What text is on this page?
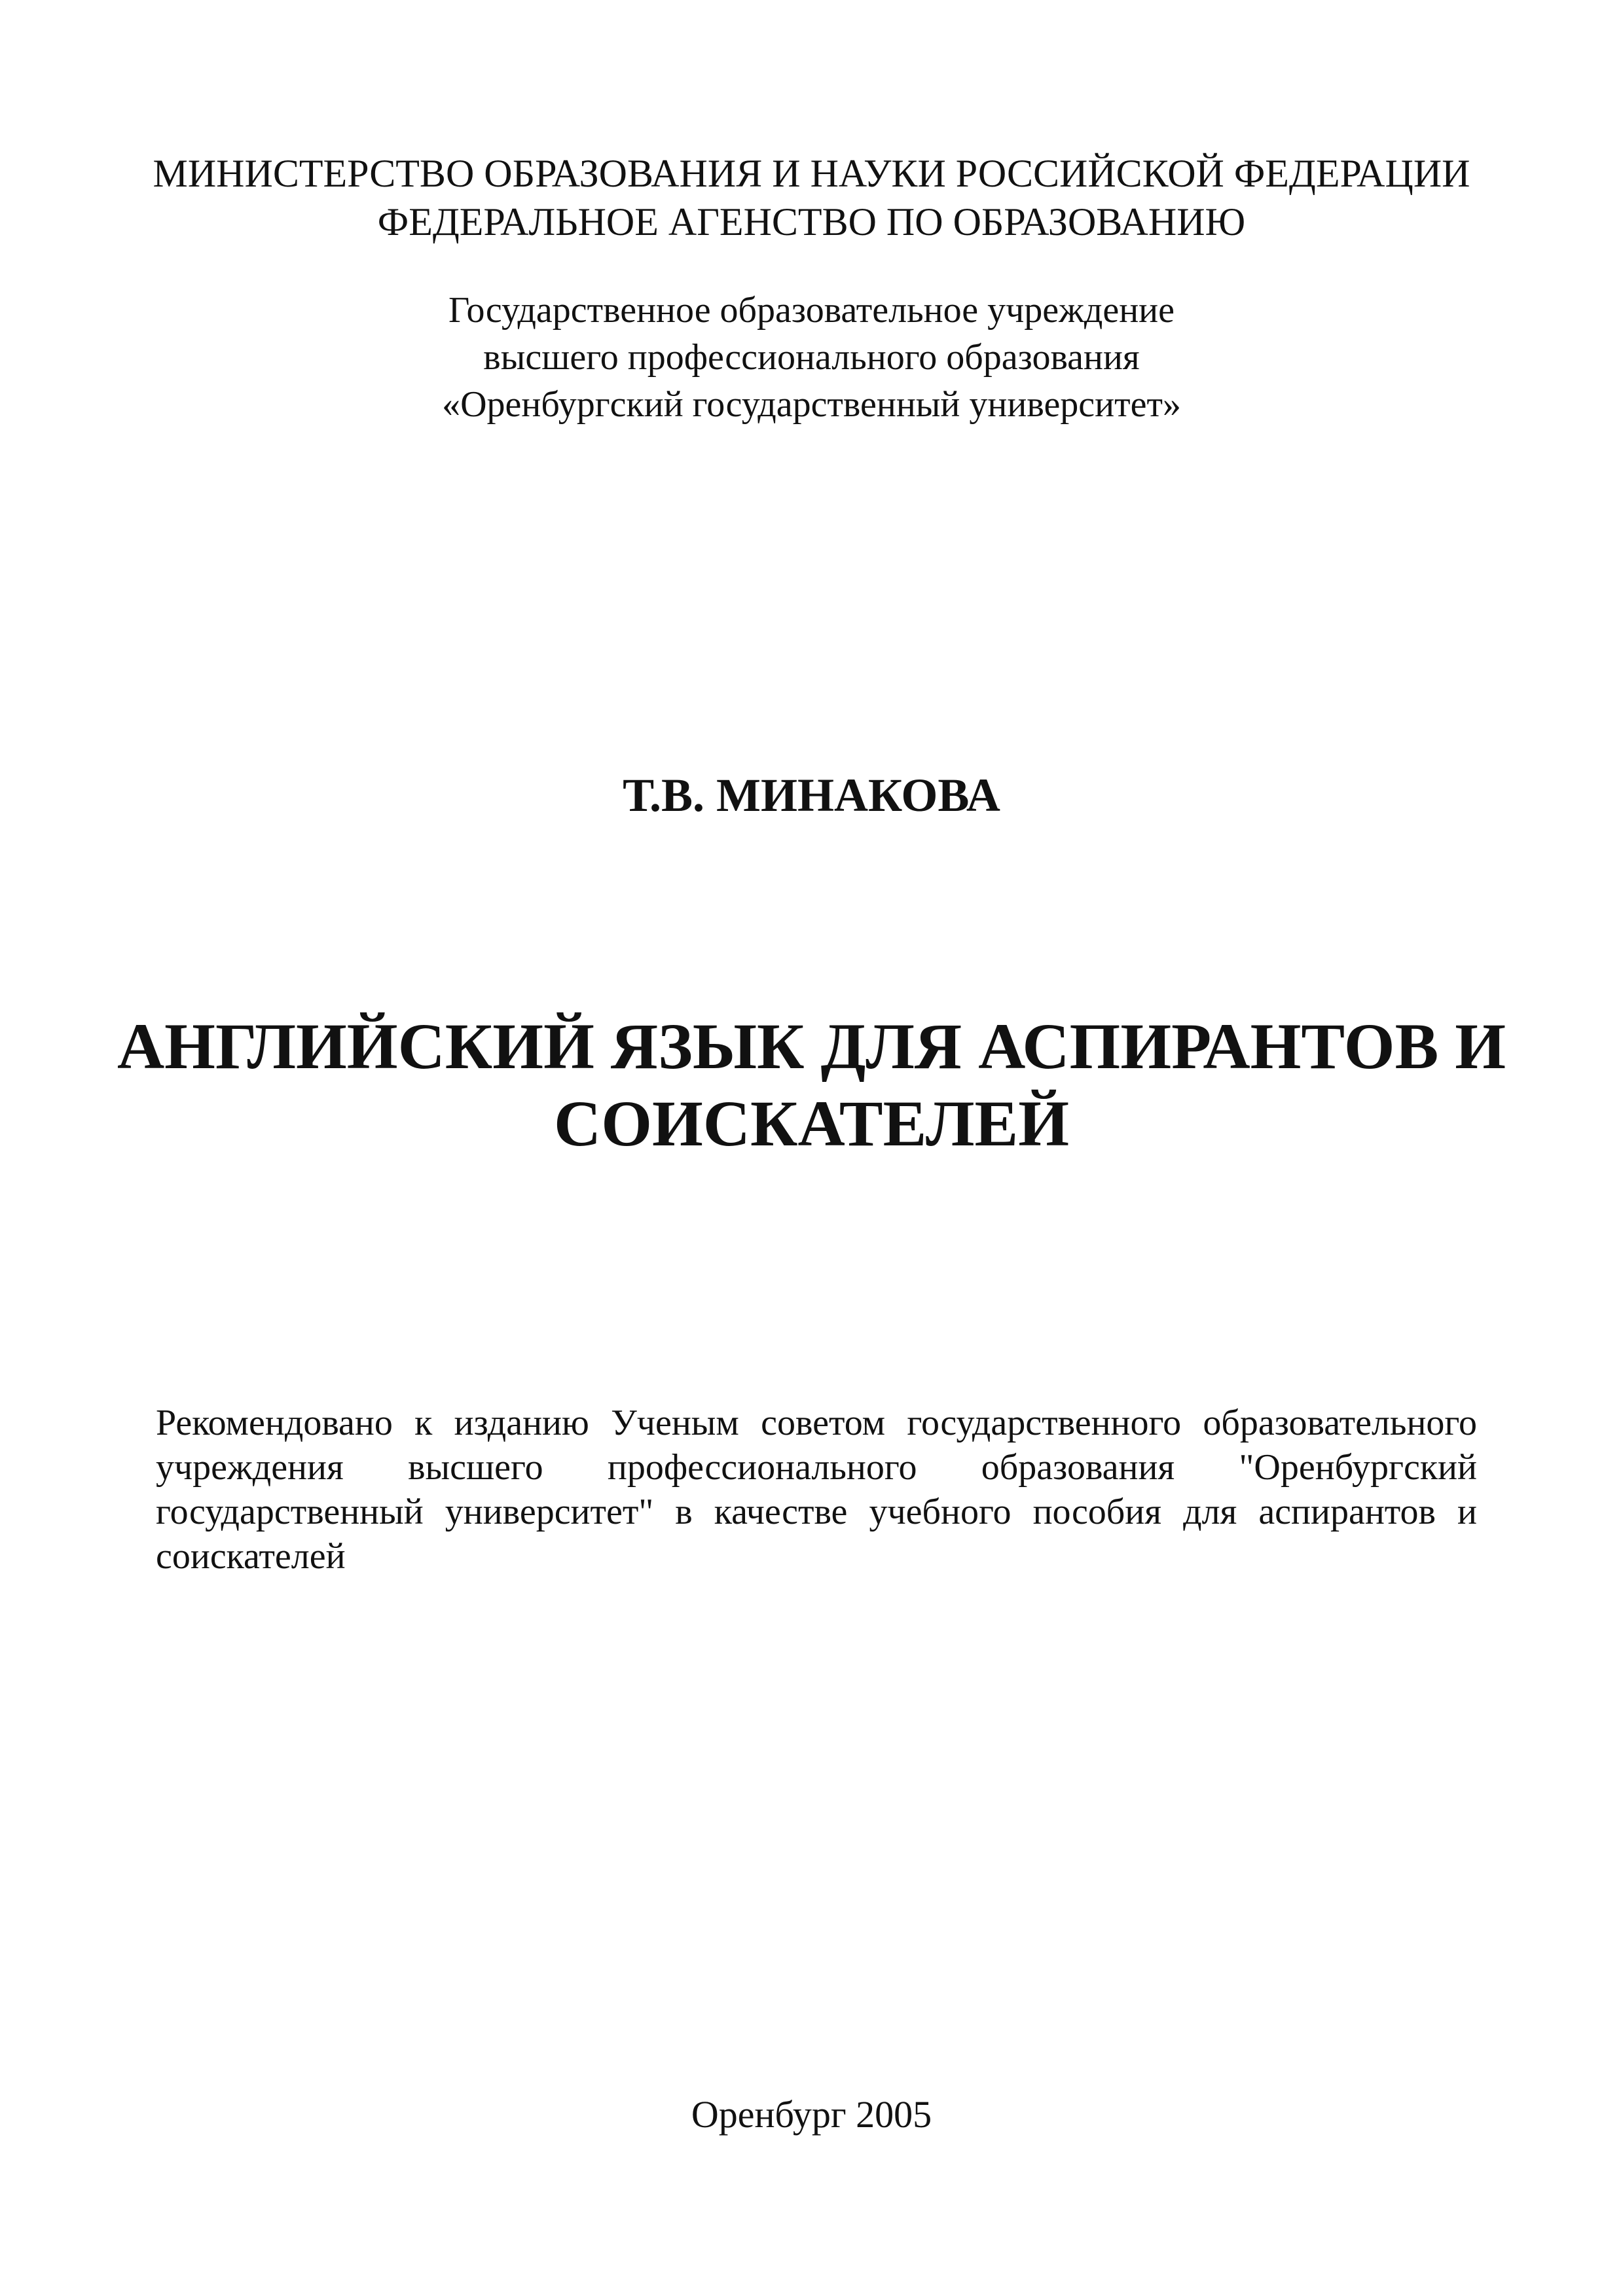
МИНИСТЕРСТВО ОБРАЗОВАНИЯ И НАУКИ РОССИЙСКОЙ ФЕДЕРАЦИИ
ФЕДЕРАЛЬНОЕ АГЕНСТВО ПО ОБРАЗОВАНИЮ
Государственное образовательное учреждение
высшего профессионального образования
«Оренбургский государственный университет»
Т.В. МИНАКОВА
АНГЛИЙСКИЙ ЯЗЫК ДЛЯ АСПИРАНТОВ И
СОИСКАТЕЛЕЙ
Рекомендовано к изданию Ученым советом государственного образовательного учреждения высшего профессионального образования "Оренбургский государственный университет" в качестве учебного пособия для аспирантов и соискателей
Оренбург 2005
